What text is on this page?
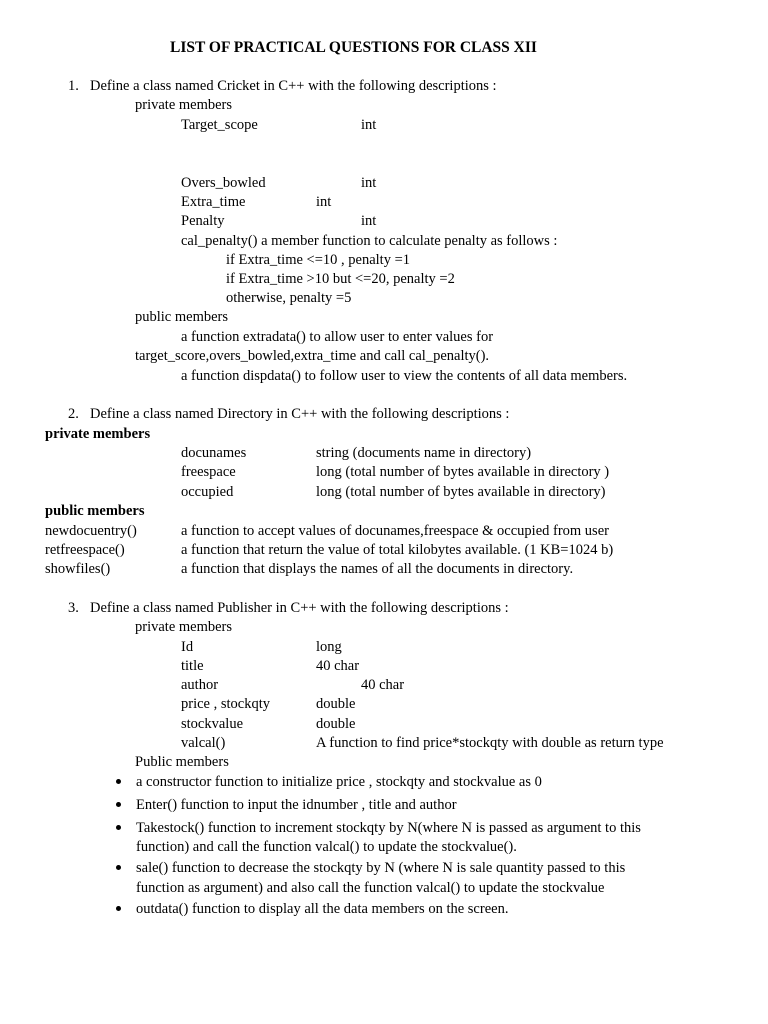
LIST OF PRACTICAL QUESTIONS FOR CLASS XII
1. Define a class named Cricket in C++ with the following descriptions :
private members
Target_scope	int
Overs_bowled	int
Extra_time	int
Penalty	int
cal_penalty() a member function to calculate penalty as follows :
if Extra_time <=10 , penalty =1
if Extra_time >10 but <=20, penalty =2
otherwise, penalty =5
public members
a function extradata() to allow user to enter values for
target_score,overs_bowled,extra_time and call cal_penalty().
a function dispdata() to follow user to view the contents of all data members.
2. Define a class named Directory in C++ with the following descriptions :
private members
docunames	string (documents name in directory)
freespace	long (total number of bytes available in directory )
occupied	long (total number of bytes available in directory)
public members
newdocuentry()	a function to accept values of docunames,freespace & occupied from user
retfreespace()	a function that return the value of total kilobytes available. (1 KB=1024 b)
showfiles()	a function that displays the names of all the documents in directory.
3. Define a class named Publisher in C++ with the following descriptions :
private members
Id	long
title	40 char
author	40 char
price , stockqty	double
stockvalue	double
valcal()	A function to find price*stockqty with double as return type
Public members
a constructor function to initialize price , stockqty and stockvalue as 0
Enter() function to input the idnumber , title and author
Takestock() function to increment stockqty by N(where N is passed as argument to this
function) and call the function valcal() to update the stockvalue().
sale() function to decrease the stockqty by N (where N is sale quantity passed to this
function as argument) and also call the function valcal() to update the stockvalue
outdata() function to display all the data members on the screen.
